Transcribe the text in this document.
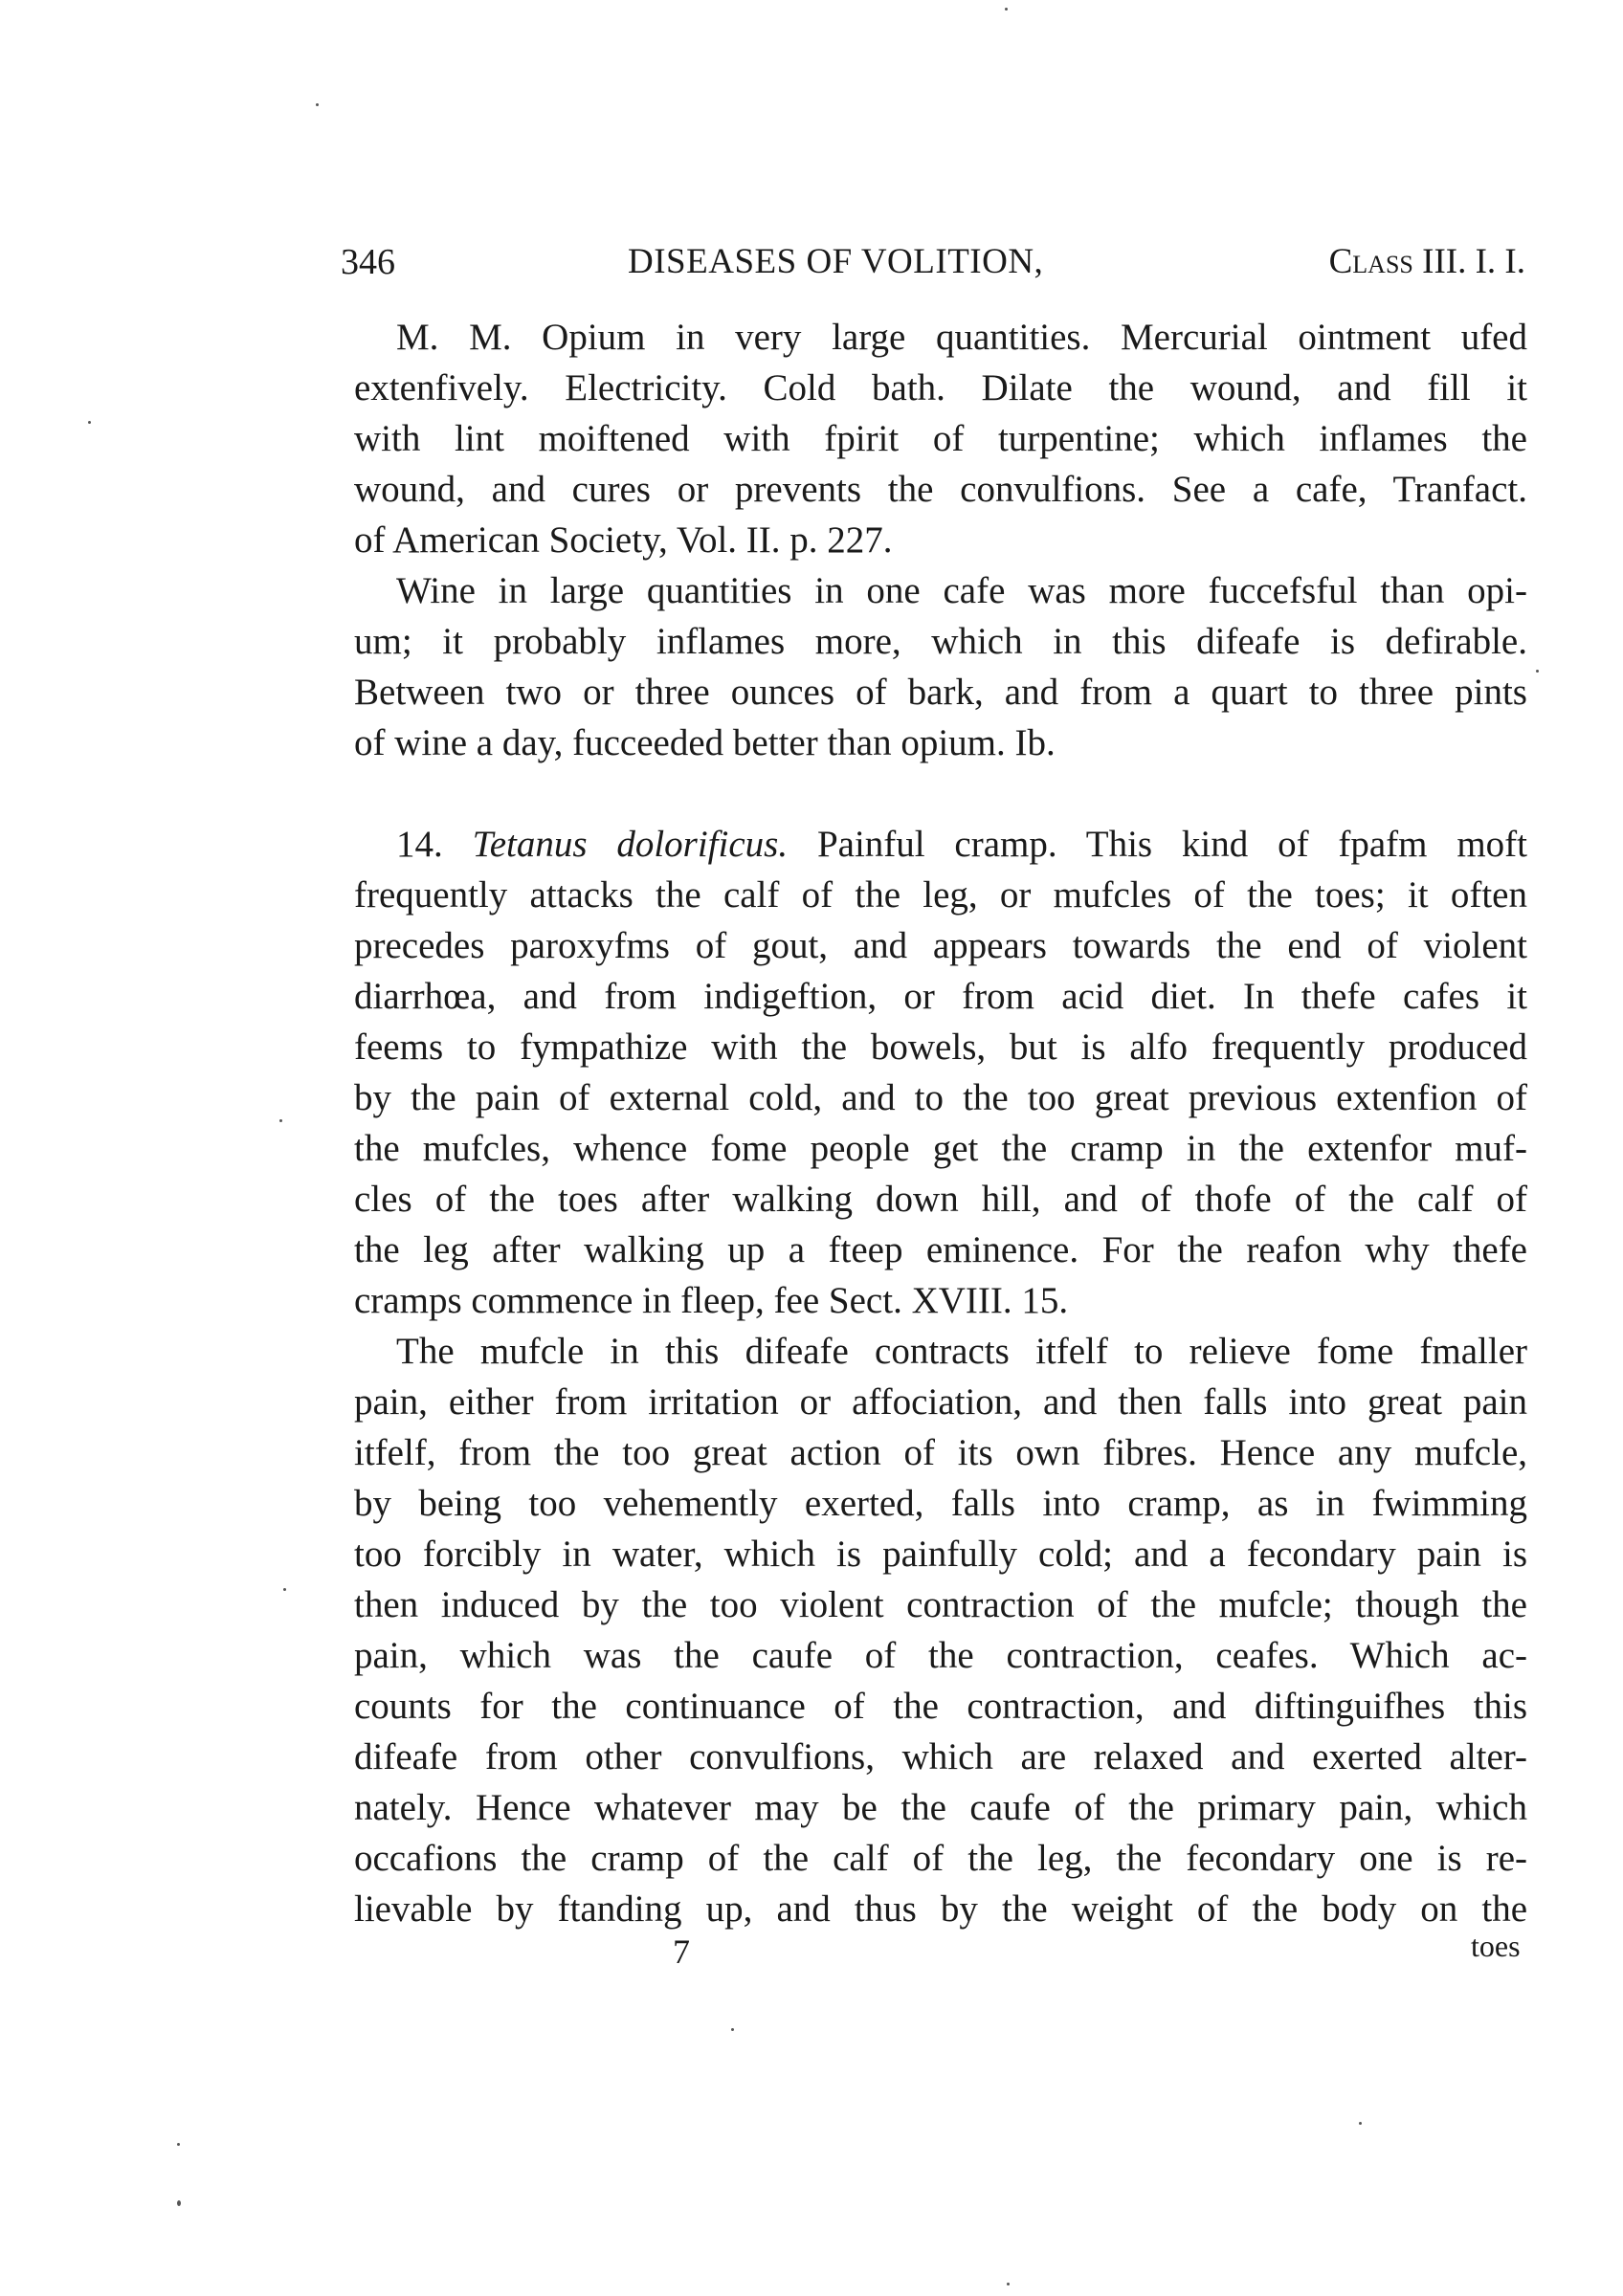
346	DISEASES OF VOLITION,	Class III. I. I.
M. M. Opium in very large quantities. Mercurial ointment ufed
extenfively. Electricity. Cold bath. Dilate the wound, and fill it
with lint moiftened with fpirit of turpentine; which inflames the
wound, and cures or prevents the convulfions. See a cafe, Tranfact.
of American Society, Vol. II. p. 227.
Wine in large quantities in one cafe was more fuccefsful than opi-
um; it probably inflames more, which in this difeafe is defirable.
Between two or three ounces of bark, and from a quart to three pints
of wine a day, fucceeded better than opium. Ib.
14. Tetanus dolorificus. Painful cramp. This kind of fpafm moft
frequently attacks the calf of the leg, or mufcles of the toes; it often
precedes paroxyfms of gout, and appears towards the end of violent
diarrhœa, and from indigeftion, or from acid diet. In thefe cafes it
feems to fympathize with the bowels, but is alfo frequently produced
by the pain of external cold, and to the too great previous extenfion of
the mufcles, whence fome people get the cramp in the extenfor muf-
cles of the toes after walking down hill, and of thofe of the calf of
the leg after walking up a fteep eminence. For the reafon why thefe
cramps commence in fleep, fee Sect. XVIII. 15.
The mufcle in this difeafe contracts itfelf to relieve fome fmaller
pain, either from irritation or affociation, and then falls into great pain
itfelf, from the too great action of its own fibres. Hence any mufcle,
by being too vehemently exerted, falls into cramp, as in fwimming
too forcibly in water, which is painfully cold; and a fecondary pain is
then induced by the too violent contraction of the mufcle; though the
pain, which was the caufe of the contraction, ceafes. Which ac-
counts for the continuance of the contraction, and diftinguifhes this
difeafe from other convulfions, which are relaxed and exerted alter-
nately. Hence whatever may be the caufe of the primary pain, which
occafions the cramp of the calf of the leg, the fecondary one is re-
lievable by ftanding up, and thus by the weight of the body on the
7	toes
